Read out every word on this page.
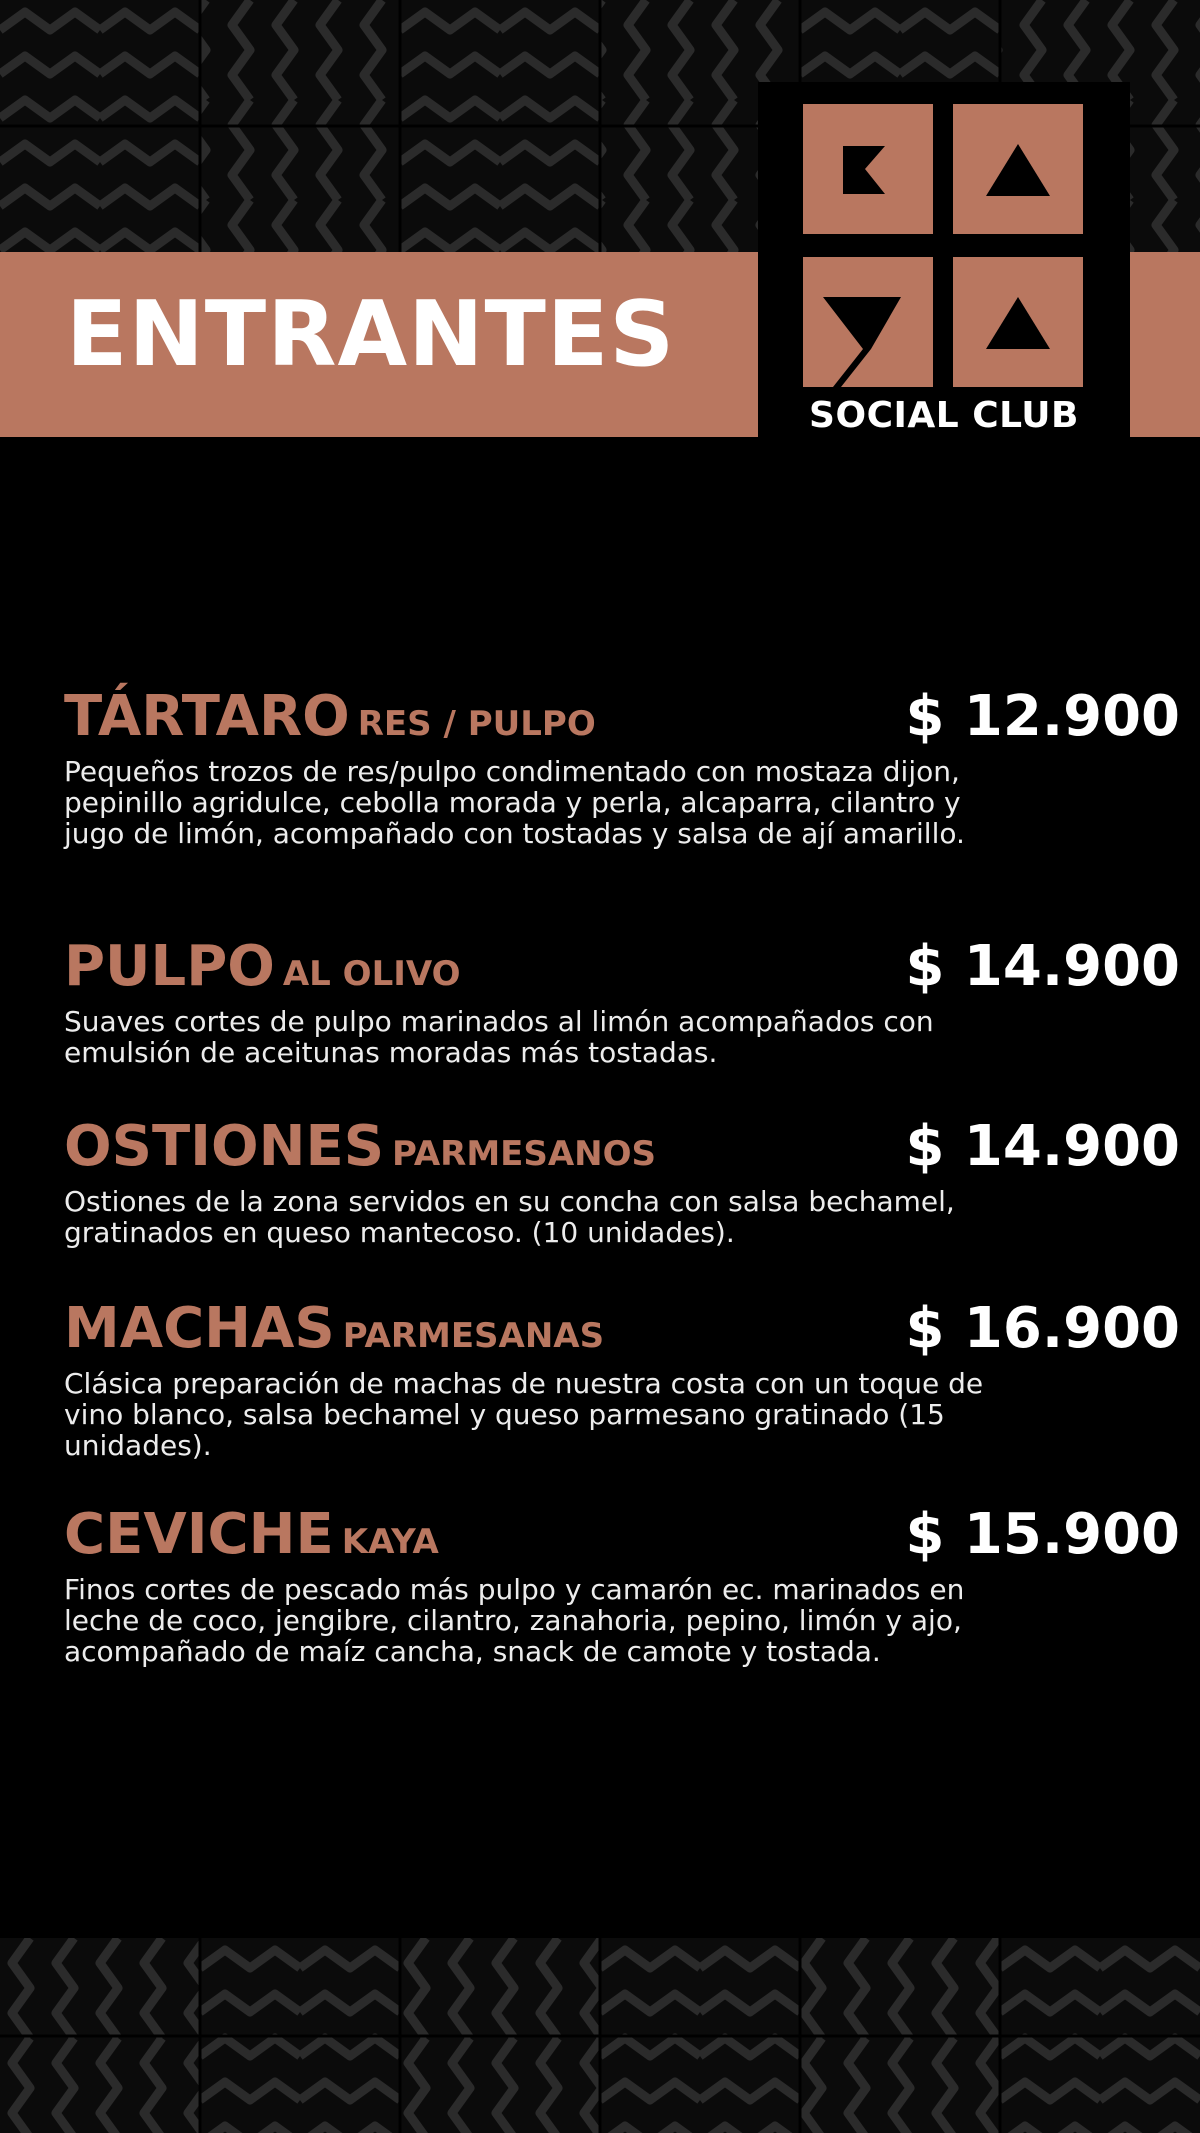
ENTRANTES
SOCIAL CLUB
TÁRTARO RES / PULPO	$ 12.900

Pequeños trozos de res/pulpo condimentado con mostaza dijon, pepinillo agridulce, cebolla morada y perla, alcaparra, cilantro y jugo de limón, acompañado con tostadas y salsa de ají amarillo.

PULPO AL OLIVO	$ 14.900

Suaves cortes de pulpo marinados al limón acompañados con emulsión de aceitunas moradas más tostadas.

OSTIONES PARMESANOS	$ 14.900

Ostiones de la zona servidos en su concha con salsa bechamel, gratinados en queso mantecoso. (10 unidades).

MACHAS PARMESANAS	$ 16.900

Clásica preparación de machas de nuestra costa con un toque de vino blanco, salsa bechamel y queso parmesano gratinado (15 unidades).

CEVICHE KAYA	$ 15.900

Finos cortes de pescado más pulpo y camarón ec. marinados en leche de coco, jengibre, cilantro, zanahoria, pepino, limón y ajo, acompañado de maíz cancha, snack de camote y tostada.
